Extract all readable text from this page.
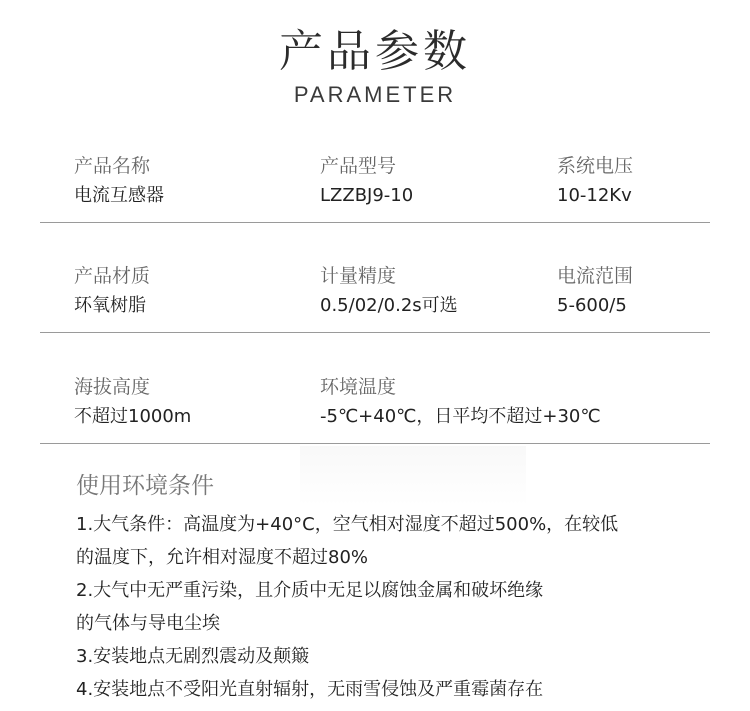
产品参数
PARAMETER
产品名称
电流互感器
产品型号
LZZBJ9-10
系统电压
10-12Kv
产品材质
环氧树脂
计量精度
0.5/02/0.2s可选
电流范围
5-600/5
海拔高度
不超过1000m
环境温度
-5℃+40℃，日平均不超过+30℃
使用环境条件
1.大气条件：高温度为+40°C，空气相对湿度不超过500%，在较低
的温度下，允许相对湿度不超过80%
2.大气中无严重污染，且介质中无足以腐蚀金属和破坏绝缘
的气体与导电尘埃
3.安装地点无剧烈震动及颠簸
4.安装地点不受阳光直射辐射，无雨雪侵蚀及严重霉菌存在
